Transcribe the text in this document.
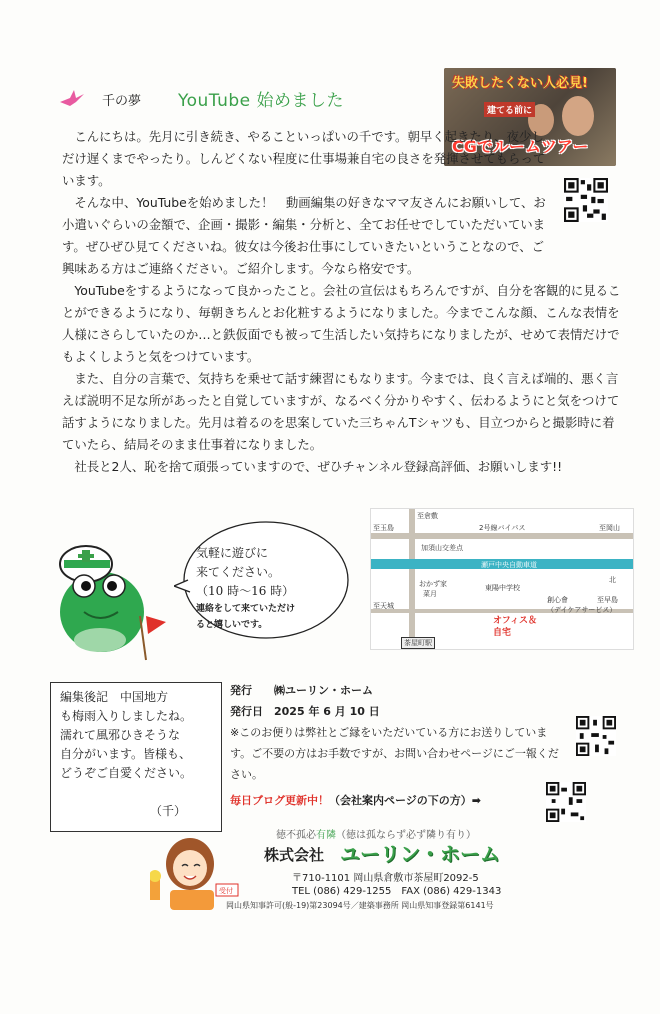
千の夢 YouTube 始めました
失敗したくない人必見!
建てる前に
CGでルームツアー

こんにちは。先月に引き続き、やることいっぱいの千です。朝早く起きたり、夜少しだけ遅くまでやったり。しんどくない程度に仕事場兼自宅の良さを発揮させてもらっています。

そんな中、YouTubeを始めました！　動画編集の好きなママ友さんにお願いして、お小遣いぐらいの金額で、企画・撮影・編集・分析と、全てお任せでしていただいています。ぜひぜひ見てくださいね。彼女は今後お仕事にしていきたいということなので、ご興味ある方はご連絡ください。ご紹介します。今なら格安です。

YouTubeをするようになって良かったこと。会社の宣伝はもちろんですが、自分を客観的に見ることができるようになり、毎朝きちんとお化粧するようになりました。今までこんな顔、こんな表情を人様にさらしていたのか…と鉄仮面でも被って生活したい気持ちになりましたが、せめて表情だけでもよくしようと気をつけています。

また、自分の言葉で、気持ちを乗せて話す練習にもなります。今までは、良く言えば端的、悪く言えば説明不足な所があったと自覚していますが、なるべく分かりやすく、伝わるようにと気をつけて話すようになりました。先月は着るのを思案していた三ちゃんTシャツも、目立つからと撮影時に着ていたら、結局そのまま仕事着になりました。

社長と2人、恥を捨て頑張っていますので、ぜひチャンネル登録高評価、お願いします!!

気軽に遊びに
来てください。
（10 時〜16 時）
連絡をして来ていただけ
ると嬉しいです。
至玉島
至倉敷
2号線バイパス	至岡山
加須山交差点
瀬戸中央自動車道
北
おかず家
菜月
東陽中学校
至天城
オフィス＆
自宅
創心會
（デイケアサービス）
至早島
茶屋町駅
編集後記　中国地方
も梅雨入りしましたね。
濡れて風邪ひきそうな
自分がいます。皆様も、
どうぞご自愛ください。
（千）
受付
発行　　 ㈱ユーリン・ホーム
発行日　 2025 年 6 月 10 日
※このお便りは弊社とご縁をいただいている方にお送りしています。ご不要の方はお手数ですが、お問い合わせページにご一報ください。
毎日ブログ更新中！（会社案内ページの下の方）➡
徳不孤必有隣（徳は孤ならず必ず隣り有り）
株式会社 ユーリン・ホーム
〒710-1101 岡山県倉敷市茶屋町2092-5
TEL (086) 429-1255　FAX (086) 429-1343
岡山県知事許可(般-19)第23094号／建築事務所 岡山県知事登録第6141号
